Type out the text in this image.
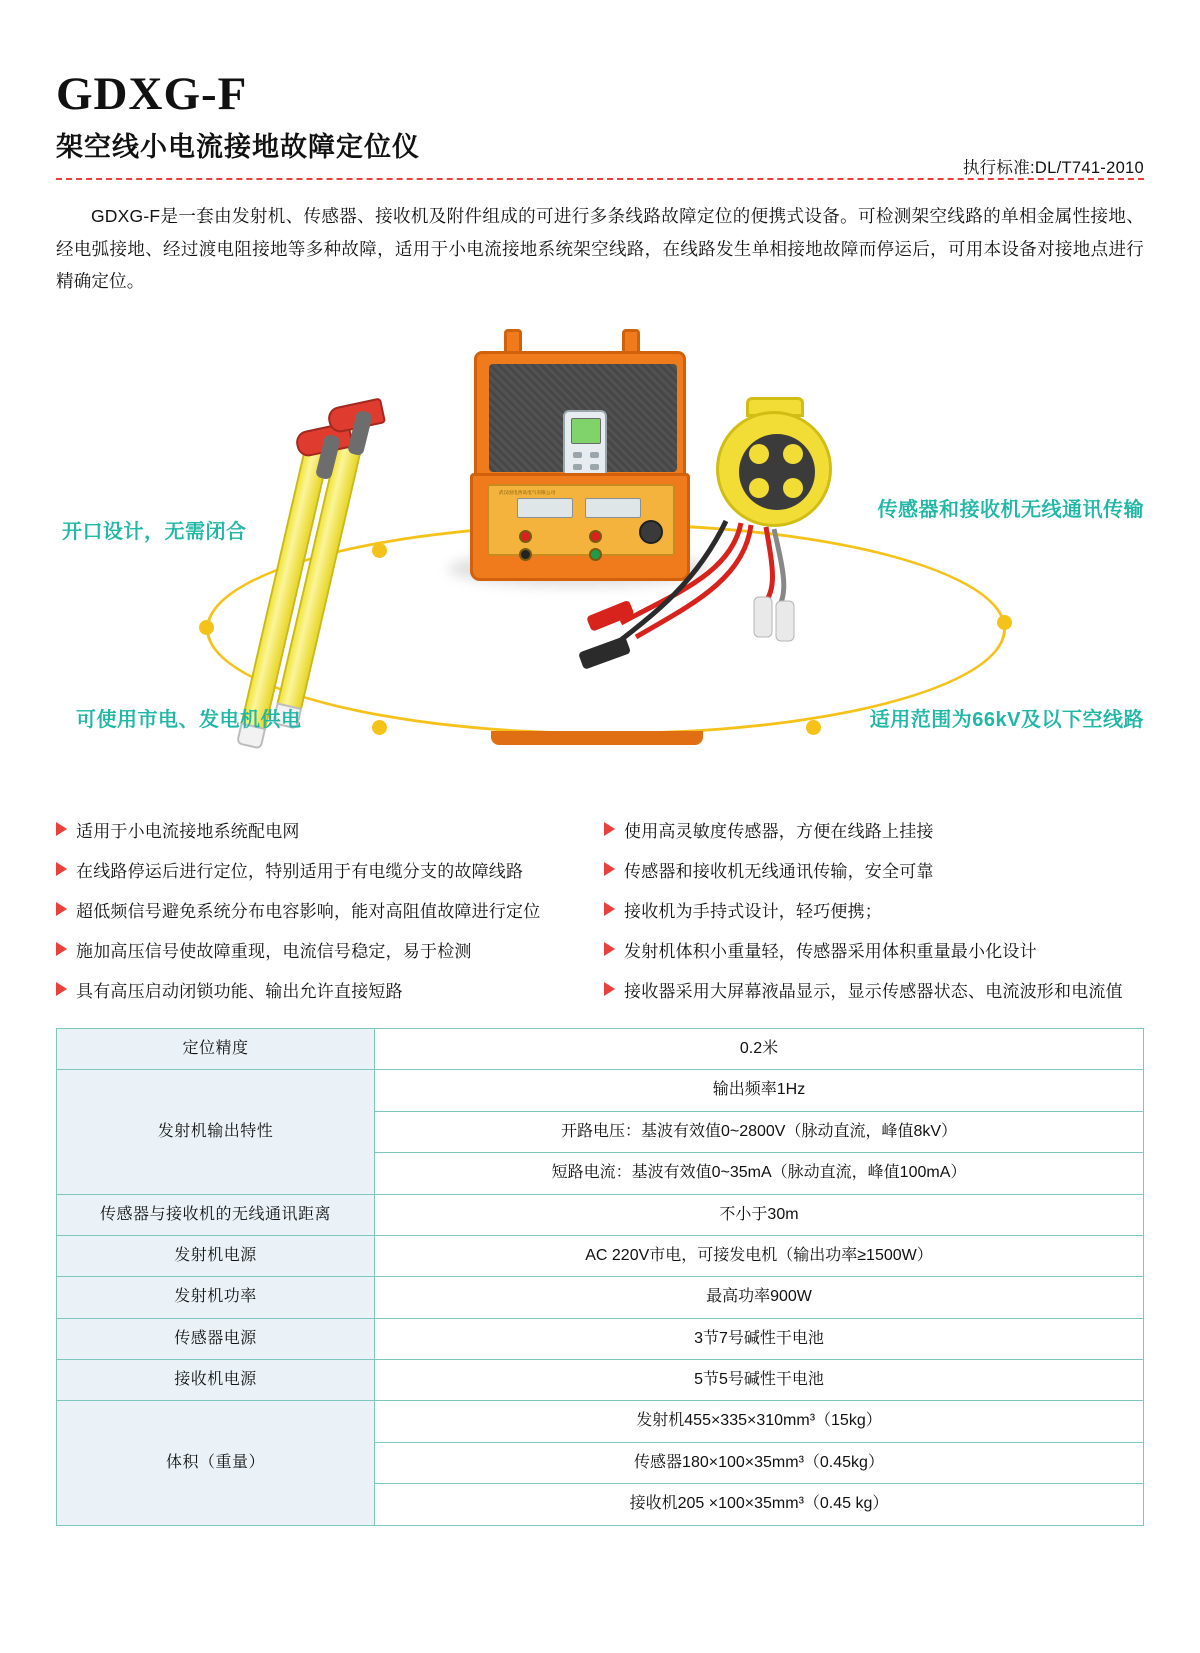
GDXG-F
架空线小电流接地故障定位仪
执行标准:DL/T741-2010

GDXG-F是一套由发射机、传感器、接收机及附件组成的可进行多条线路故障定位的便携式设备。可检测架空线路的单相金属性接地、经电弧接地、经过渡电阻接地等多种故障，适用于小电流接地系统架空线路，在线路发生单相接地故障而停运后，可用本设备对接地点进行精确定位。

武汉国电西高电气有限公司
武汉国电西高电气有限公司
开口设计，无需闭合
可使用市电、发电机供电
传感器和接收机无线通讯传输
适用范围为66kV及以下空线路
适用于小电流接地系统配电网	使用高灵敏度传感器，方便在线路上挂接
在线路停运后进行定位，特别适用于有电缆分支的故障线路	传感器和接收机无线通讯传输，安全可靠
超低频信号避免系统分布电容影响，能对高阻值故障进行定位	接收机为手持式设计，轻巧便携；
施加高压信号使故障重现，电流信号稳定，易于检测	发射机体积小重量轻，传感器采用体积重量最小化设计
具有高压启动闭锁功能、输出允许直接短路	接收器采用大屏幕液晶显示，显示传感器状态、电流波形和电流值
定位精度	0.2米
发射机输出特性	输出频率1Hz
	开路电压：基波有效值0~2800V（脉动直流，峰值8kV）
	短路电流：基波有效值0~35mA（脉动直流，峰值100mA）
传感器与接收机的无线通讯距离	不小于30m
发射机电源	AC 220V市电，可接发电机（输出功率≥1500W）
发射机功率	最高功率900W
传感器电源	3节7号碱性干电池
接收机电源	5节5号碱性干电池
体积（重量）	发射机455×335×310mm³（15kg）
	传感器180×100×35mm³（0.45kg）
	接收机205 ×100×35mm³（0.45 kg）
